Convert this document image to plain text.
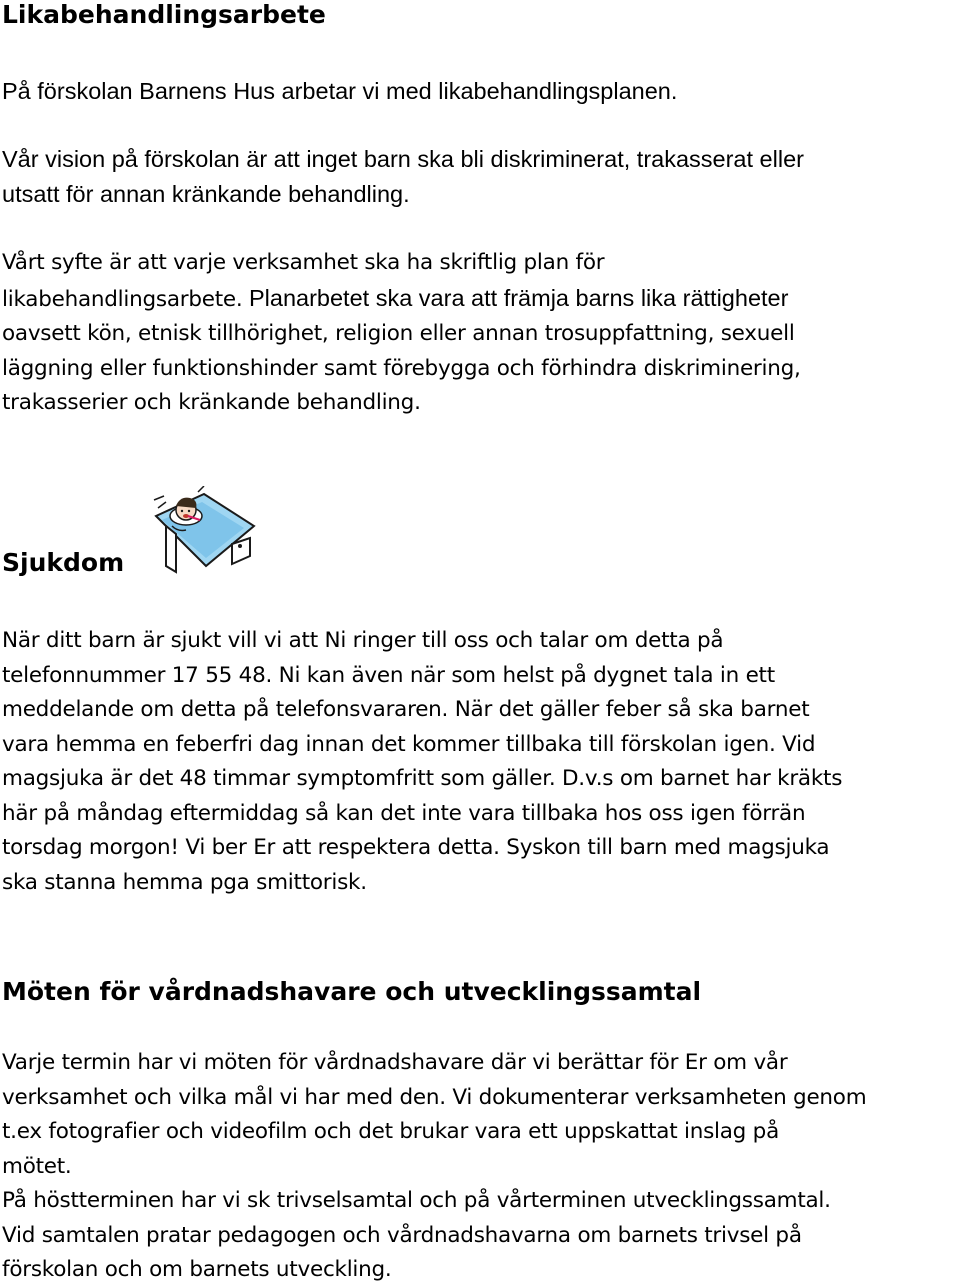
Likabehandlingsarbete

På förskolan Barnens Hus arbetar vi med likabehandlingsplanen.

Vår vision på förskolan är att inget barn ska bli diskriminerat, trakasserat eller
utsatt för annan kränkande behandling.

Vårt syfte är att varje verksamhet ska ha skriftlig plan för
likabehandlingsarbete. Planarbetet ska vara att främja barns lika rättigheter
oavsett kön, etnisk tillhörighet, religion eller annan trosuppfattning, sexuell
läggning eller funktionshinder samt förebygga och förhindra diskriminering,
trakasserier och kränkande behandling.

Sjukdom

När ditt barn är sjukt vill vi att Ni ringer till oss och talar om detta på
telefonnummer 17 55 48. Ni kan även när som helst på dygnet tala in ett
meddelande om detta på telefonsvararen. När det gäller feber så ska barnet
vara hemma en feberfri dag innan det kommer tillbaka till förskolan igen. Vid
magsjuka är det 48 timmar symptomfritt som gäller. D.v.s om barnet har kräkts
här på måndag eftermiddag så kan det inte vara tillbaka hos oss igen förrän
torsdag morgon! Vi ber Er att respektera detta. Syskon till barn med magsjuka
ska stanna hemma pga smittorisk.

Möten för vårdnadshavare och utvecklingssamtal

Varje termin har vi möten för vårdnadshavare där vi berättar för Er om vår
verksamhet och vilka mål vi har med den. Vi dokumenterar verksamheten genom
t.ex fotografier och videofilm och det brukar vara ett uppskattat inslag på
mötet.
På höstterminen har vi sk trivselsamtal och på vårterminen utvecklingssamtal.
Vid samtalen pratar pedagogen och vårdnadshavarna om barnets trivsel på
förskolan och om barnets utveckling.
